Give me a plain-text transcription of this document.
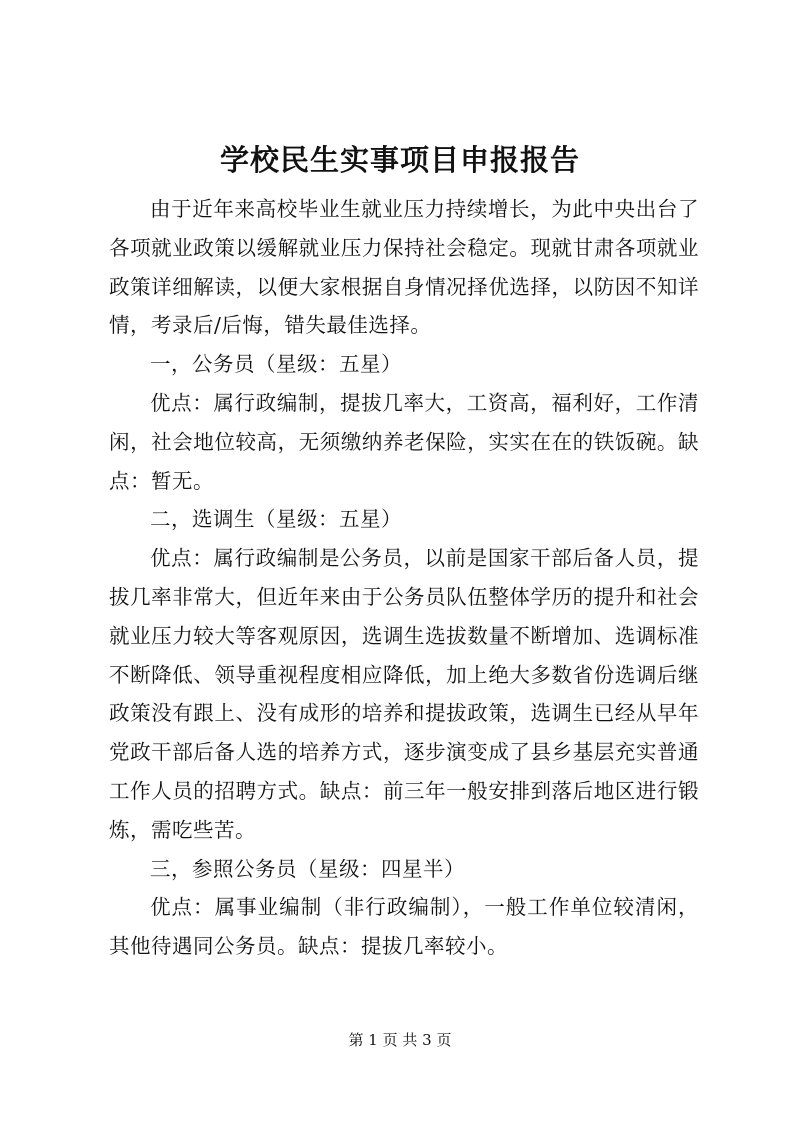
学校民生实事项目申报报告

由于近年来高校毕业生就业压力持续增长，为此中央出台了各项就业政策以缓解就业压力保持社会稳定。现就甘肃各项就业政策详细解读，以便大家根据自身情况择优选择，以防因不知详情，考录后/后悔，错失最佳选择。

一，公务员（星级：五星）

优点：属行政编制，提拔几率大，工资高，福利好，工作清闲，社会地位较高，无须缴纳养老保险，实实在在的铁饭碗。缺点：暂无。

二，选调生（星级：五星）

优点：属行政编制是公务员，以前是国家干部后备人员，提拔几率非常大，但近年来由于公务员队伍整体学历的提升和社会就业压力较大等客观原因，选调生选拔数量不断增加、选调标准不断降低、领导重视程度相应降低，加上绝大多数省份选调后继政策没有跟上、没有成形的培养和提拔政策，选调生已经从早年党政干部后备人选的培养方式，逐步演变成了县乡基层充实普通工作人员的招聘方式。缺点：前三年一般安排到落后地区进行锻炼，需吃些苦。

三，参照公务员（星级：四星半）

优点：属事业编制（非行政编制），一般工作单位较清闲，其他待遇同公务员。缺点：提拔几率较小。

第 1 页 共 3 页
